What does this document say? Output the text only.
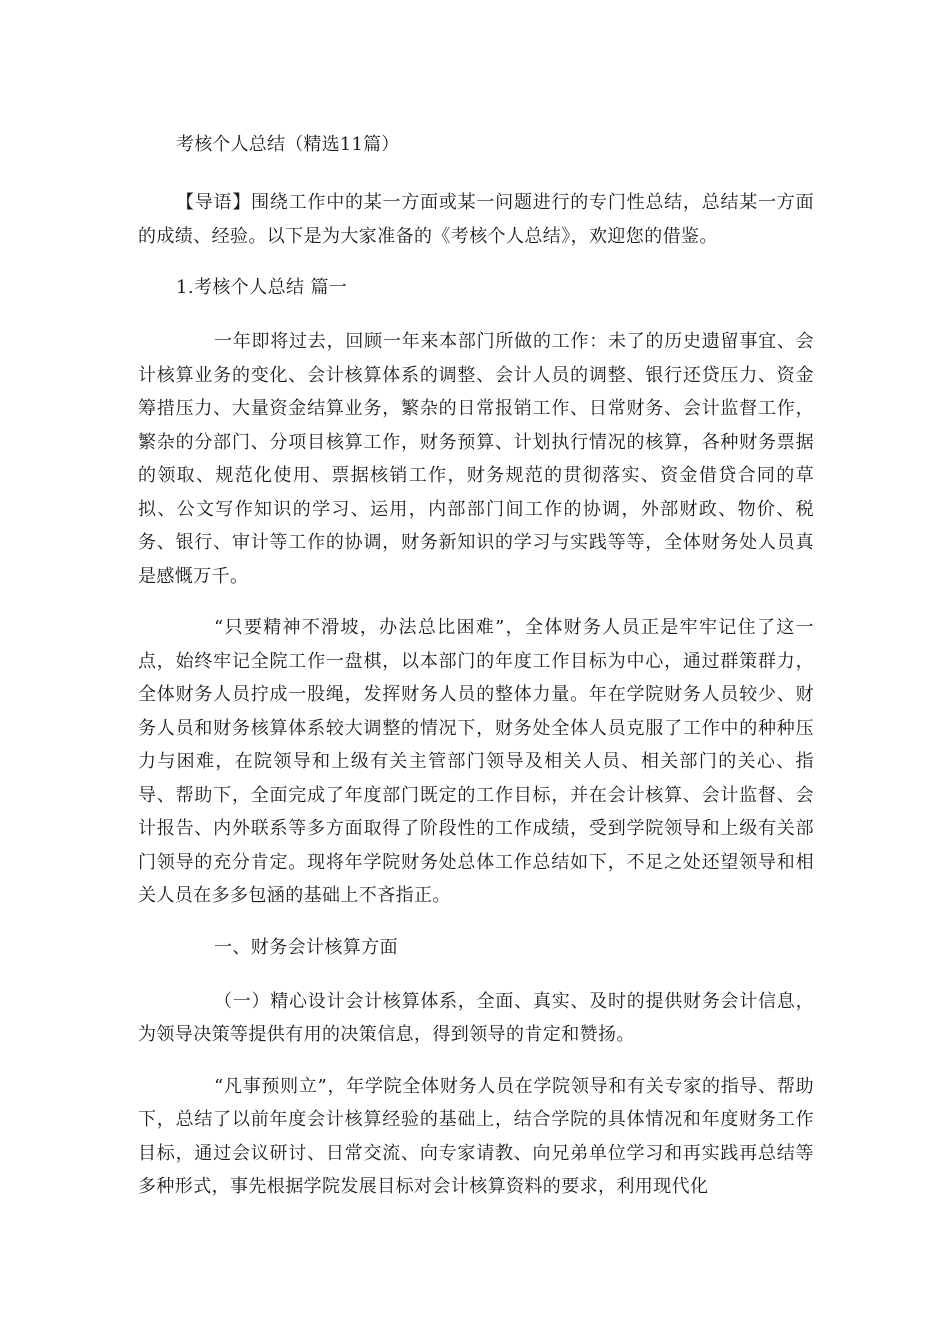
考核个人总结（精选11篇）

【导语】围绕工作中的某一方面或某一问题进行的专门性总结，总结某一方面的成绩、经验。以下是为大家准备的《考核个人总结》，欢迎您的借鉴。

1.考核个人总结 篇一

一年即将过去，回顾一年来本部门所做的工作：未了的历史遗留事宜、会计核算业务的变化、会计核算体系的调整、会计人员的调整、银行还贷压力、资金筹措压力、大量资金结算业务，繁杂的日常报销工作、日常财务、会计监督工作，繁杂的分部门、分项目核算工作，财务预算、计划执行情况的核算，各种财务票据的领取、规范化使用、票据核销工作，财务规范的贯彻落实、资金借贷合同的草拟、公文写作知识的学习、运用，内部部门间工作的协调，外部财政、物价、税务、银行、审计等工作的协调，财务新知识的学习与实践等等，全体财务处人员真是感慨万千。

“只要精神不滑坡，办法总比困难”，全体财务人员正是牢牢记住了这一点，始终牢记全院工作一盘棋，以本部门的年度工作目标为中心，通过群策群力，全体财务人员拧成一股绳，发挥财务人员的整体力量。年在学院财务人员较少、财务人员和财务核算体系较大调整的情况下，财务处全体人员克服了工作中的种种压力与困难，在院领导和上级有关主管部门领导及相关人员、相关部门的关心、指导、帮助下，全面完成了年度部门既定的工作目标，并在会计核算、会计监督、会计报告、内外联系等多方面取得了阶段性的工作成绩，受到学院领导和上级有关部门领导的充分肯定。现将年学院财务处总体工作总结如下，不足之处还望领导和相关人员在多多包涵的基础上不吝指正。

一、财务会计核算方面

（一）精心设计会计核算体系，全面、真实、及时的提供财务会计信息，为领导决策等提供有用的决策信息，得到领导的肯定和赞扬。

“凡事预则立”，年学院全体财务人员在学院领导和有关专家的指导、帮助下，总结了以前年度会计核算经验的基础上，结合学院的具体情况和年度财务工作目标，通过会议研讨、日常交流、向专家请教、向兄弟单位学习和再实践再总结等多种形式，事先根据学院发展目标对会计核算资料的要求，利用现代化
